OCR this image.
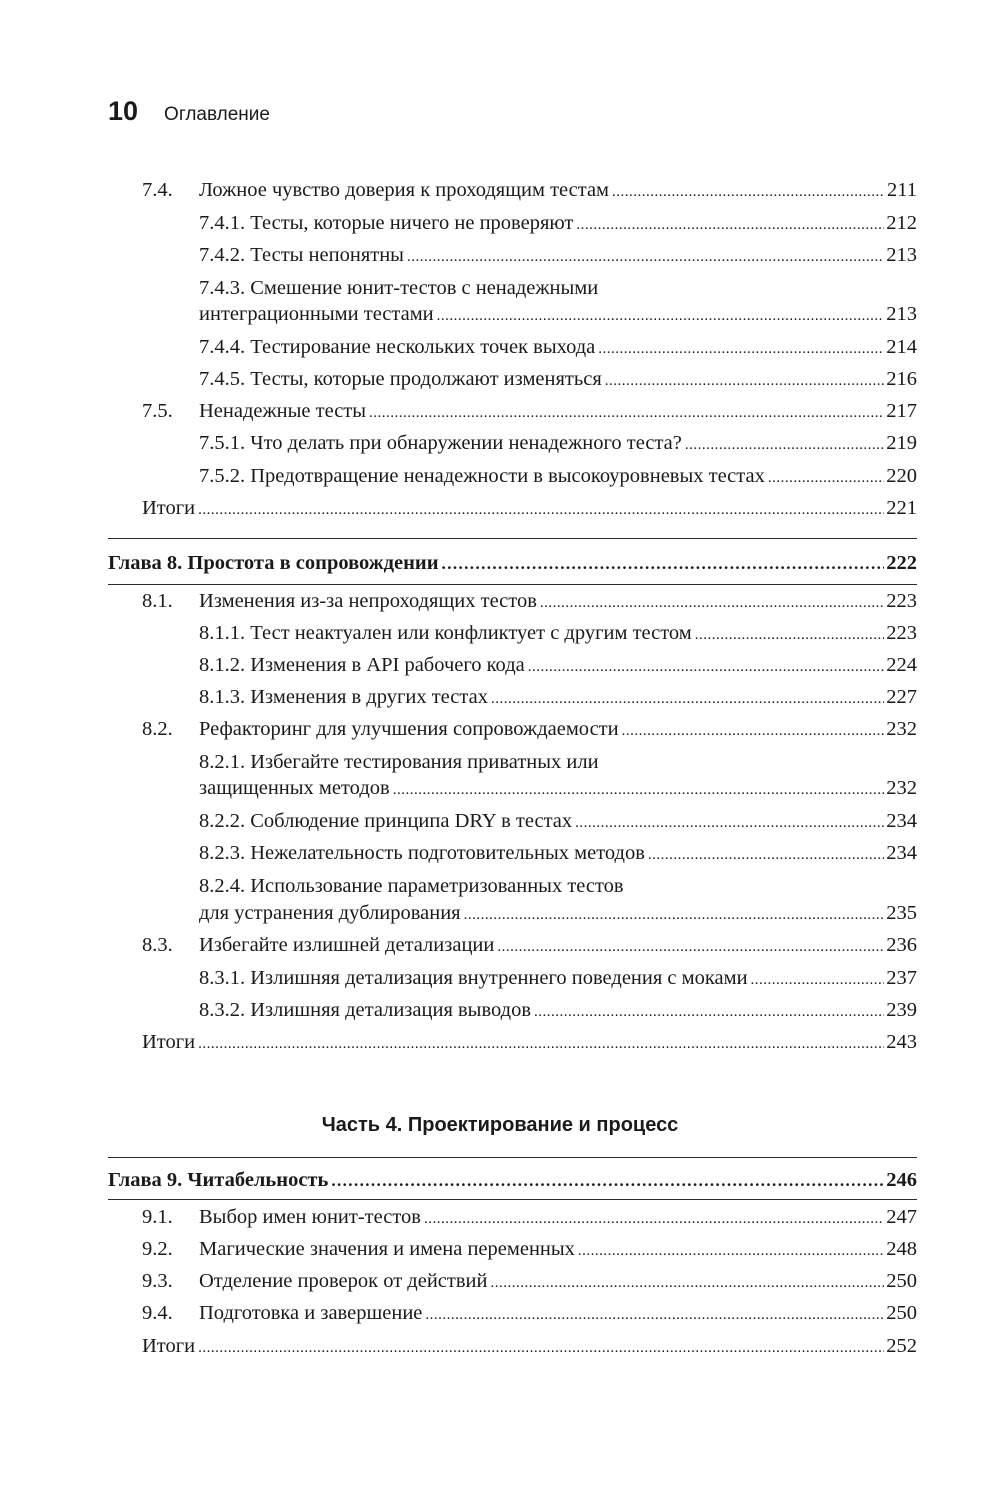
10 Оглавление
7.4. Ложное чувство доверия к проходящим тестам .....	211
7.4.1. Тесты, которые ничего не проверяют .....	212
7.4.2. Тесты непонятны .....	213
7.4.3. Смешение юнит-тестов с ненадежными
интеграционными тестами .....	213
7.4.4. Тестирование нескольких точек выхода .....	214
7.4.5. Тесты, которые продолжают изменяться .....	216
7.5. Ненадежные тесты .....	217
7.5.1. Что делать при обнаружении ненадежного теста? .....	219
7.5.2. Предотвращение ненадежности в высокоуровневых тестах .....	220
Итоги .....	221
Глава 8. Простота в сопровождении .....	222
8.1. Изменения из-за непроходящих тестов .....	223
8.1.1. Тест неактуален или конфликтует с другим тестом .....	223
8.1.2. Изменения в API рабочего кода .....	224
8.1.3. Изменения в других тестах .....	227
8.2. Рефакторинг для улучшения сопровождаемости .....	232
8.2.1. Избегайте тестирования приватных или
защищенных методов .....	232
8.2.2. Соблюдение принципа DRY в тестах .....	234
8.2.3. Нежелательность подготовительных методов .....	234
8.2.4. Использование параметризованных тестов
для устранения дублирования .....	235
8.3. Избегайте излишней детализации .....	236
8.3.1. Излишняя детализация внутреннего поведения с моками .....	237
8.3.2. Излишняя детализация выводов .....	239
Итоги .....	243
Часть 4. Проектирование и процесс
Глава 9. Читабельность .....	246
9.1. Выбор имен юнит-тестов .....	247
9.2. Магические значения и имена переменных .....	248
9.3. Отделение проверок от действий .....	250
9.4. Подготовка и завершение .....	250
Итоги .....	252
